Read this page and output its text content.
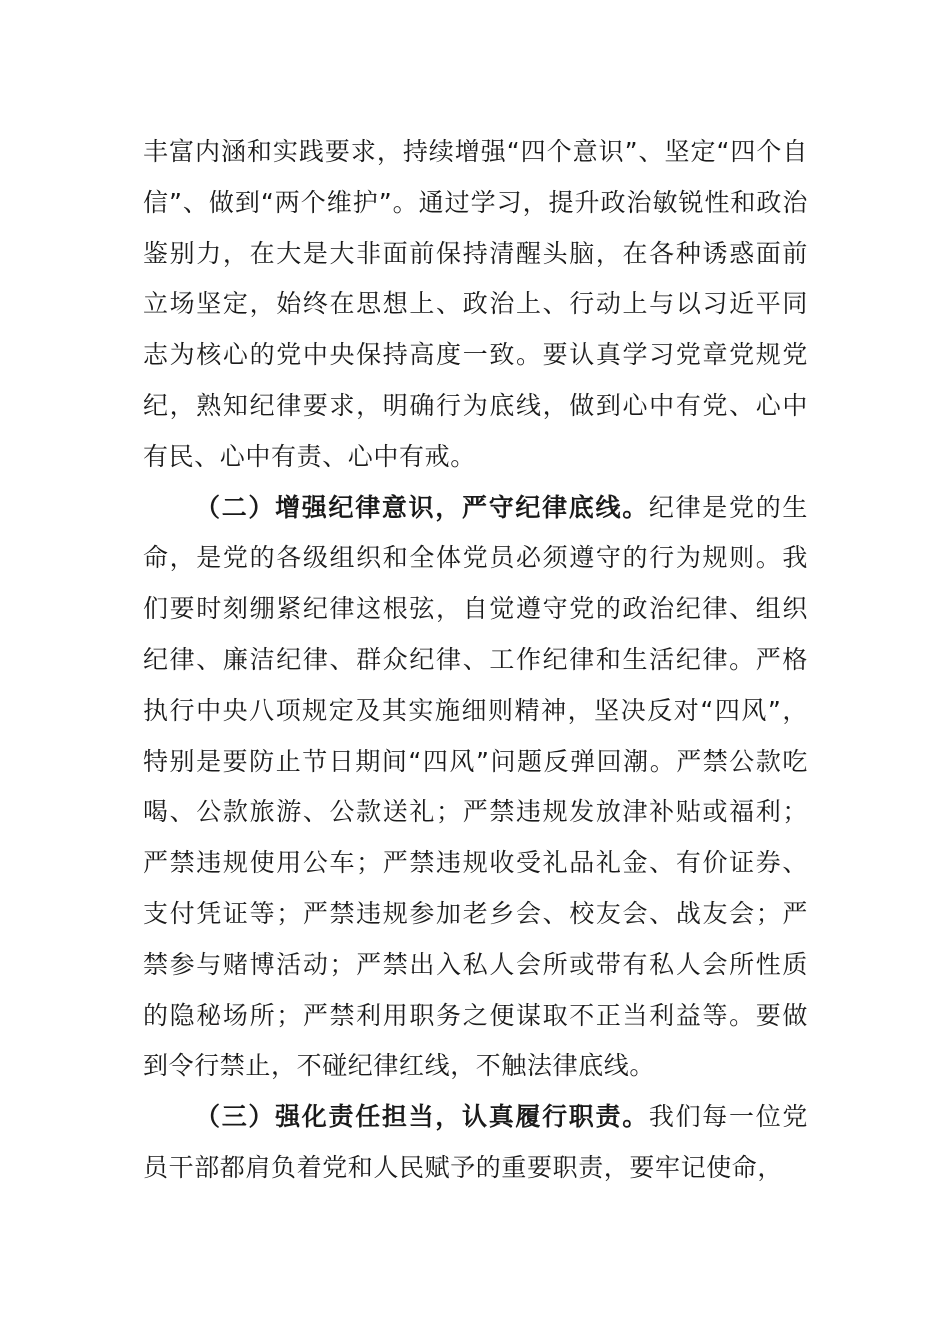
丰富内涵和实践要求，持续增强“四个意识”、坚定“四个自信”、做到“两个维护”。通过学习，提升政治敏锐性和政治鉴别力，在大是大非面前保持清醒头脑，在各种诱惑面前立场坚定，始终在思想上、政治上、行动上与以习近平同志为核心的党中央保持高度一致。要认真学习党章党规党纪，熟知纪律要求，明确行为底线，做到心中有党、心中有民、心中有责、心中有戒。

（二）增强纪律意识，严守纪律底线。纪律是党的生命，是党的各级组织和全体党员必须遵守的行为规则。我们要时刻绷紧纪律这根弦，自觉遵守党的政治纪律、组织纪律、廉洁纪律、群众纪律、工作纪律和生活纪律。严格执行中央八项规定及其实施细则精神，坚决反对“四风”，特别是要防止节日期间“四风”问题反弹回潮。严禁公款吃喝、公款旅游、公款送礼；严禁违规发放津补贴或福利；严禁违规使用公车；严禁违规收受礼品礼金、有价证券、支付凭证等；严禁违规参加老乡会、校友会、战友会；严禁参与赌博活动；严禁出入私人会所或带有私人会所性质的隐秘场所；严禁利用职务之便谋取不正当利益等。要做到令行禁止，不碰纪律红线，不触法律底线。

（三）强化责任担当，认真履行职责。我们每一位党员干部都肩负着党和人民赋予的重要职责，要牢记使命，
